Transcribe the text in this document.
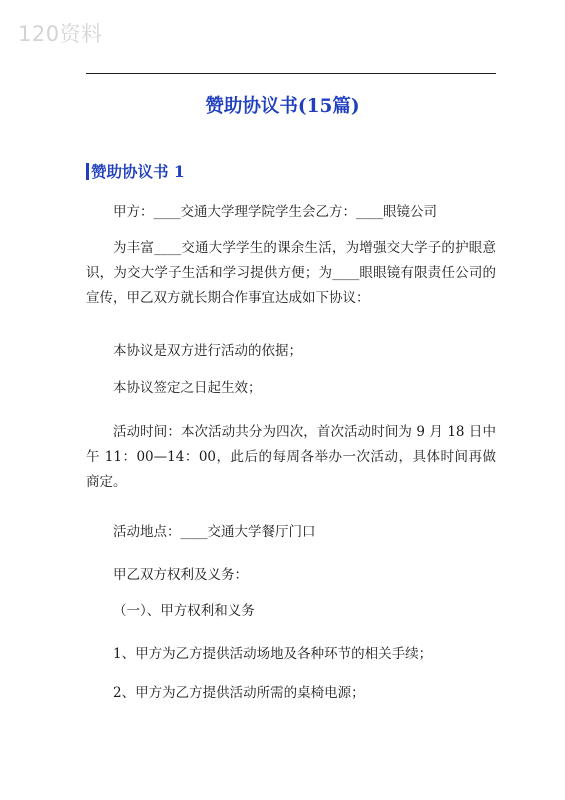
120资料
赞助协议书(15篇)
赞助协议书 1

甲方：____交通大学理学院学生会乙方：____眼镜公司

为丰富____交通大学学生的课余生活，为增强交大学子的护眼意识，为交大学子生活和学习提供方便；为____眼眼镜有限责任公司的宣传，甲乙双方就长期合作事宜达成如下协议：

本协议是双方进行活动的依据；

本协议签定之日起生效；

活动时间：本次活动共分为四次，首次活动时间为 9 月 18 日中午 11：00—14：00，此后的每周各举办一次活动，具体时间再做商定。

活动地点：____交通大学餐厅门口

甲乙双方权利及义务：

（一）、甲方权利和义务

1、甲方为乙方提供活动场地及各种环节的相关手续；

2、甲方为乙方提供活动所需的桌椅电源；
